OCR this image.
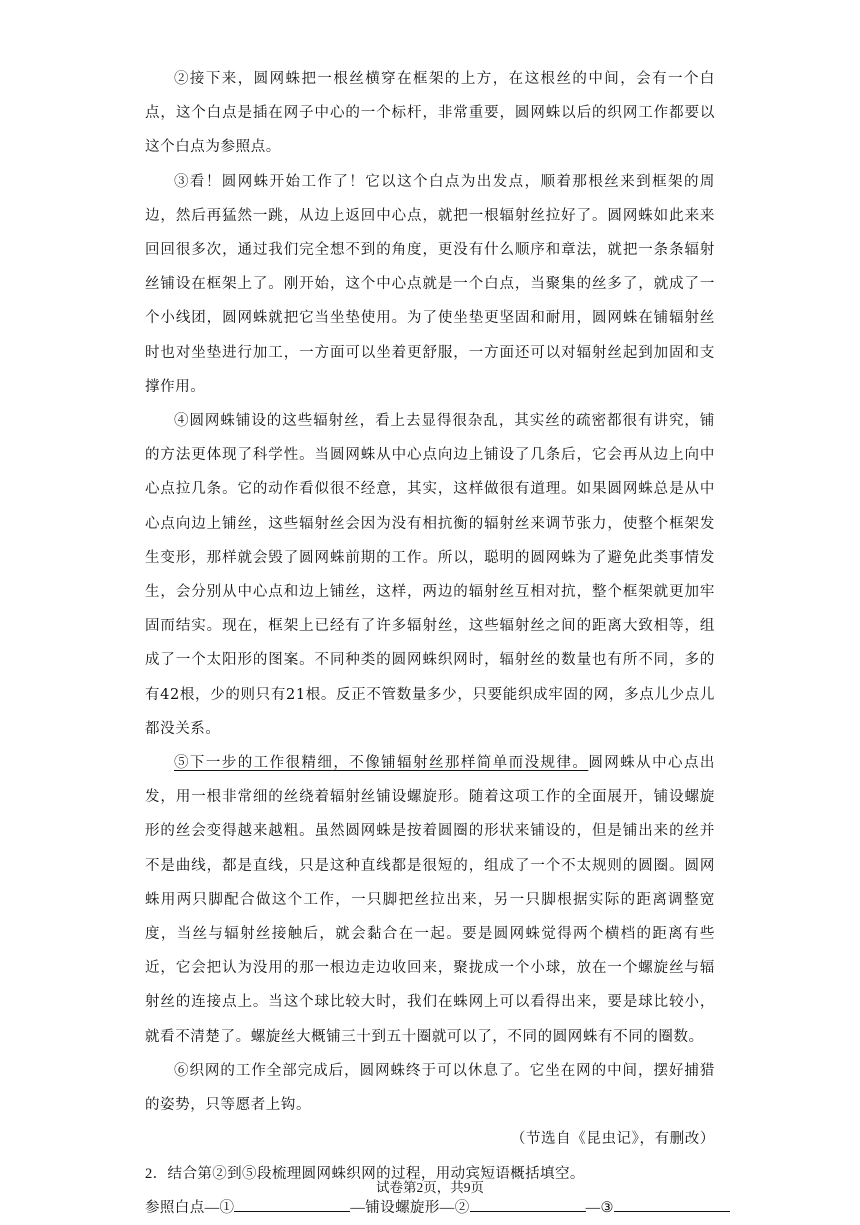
②接下来，圆网蛛把一根丝横穿在框架的上方，在这根丝的中间，会有一个白点，这个白点是插在网子中心的一个标杆，非常重要，圆网蛛以后的织网工作都要以这个白点为参照点。

③看！圆网蛛开始工作了！它以这个白点为出发点，顺着那根丝来到框架的周边，然后再猛然一跳，从边上返回中心点，就把一根辐射丝拉好了。圆网蛛如此来来回回很多次，通过我们完全想不到的角度，更没有什么顺序和章法，就把一条条辐射丝铺设在框架上了。刚开始，这个中心点就是一个白点，当聚集的丝多了，就成了一个小线团，圆网蛛就把它当坐垫使用。为了使坐垫更坚固和耐用，圆网蛛在铺辐射丝时也对坐垫进行加工，一方面可以坐着更舒服，一方面还可以对辐射丝起到加固和支撑作用。

④圆网蛛铺设的这些辐射丝，看上去显得很杂乱，其实丝的疏密都很有讲究，铺的方法更体现了科学性。当圆网蛛从中心点向边上铺设了几条后，它会再从边上向中心点拉几条。它的动作看似很不经意，其实，这样做很有道理。如果圆网蛛总是从中心点向边上铺丝，这些辐射丝会因为没有相抗衡的辐射丝来调节张力，使整个框架发生变形，那样就会毁了圆网蛛前期的工作。所以，聪明的圆网蛛为了避免此类事情发生，会分别从中心点和边上铺丝，这样，两边的辐射丝互相对抗，整个框架就更加牢固而结实。现在，框架上已经有了许多辐射丝，这些辐射丝之间的距离大致相等，组成了一个太阳形的图案。不同种类的圆网蛛织网时，辐射丝的数量也有所不同，多的有42根，少的则只有21根。反正不管数量多少，只要能织成牢固的网，多点儿少点儿都没关系。

⑤下一步的工作很精细，不像铺辐射丝那样简单而没规律。圆网蛛从中心点出发，用一根非常细的丝绕着辐射丝铺设螺旋形。随着这项工作的全面展开，铺设螺旋形的丝会变得越来越粗。虽然圆网蛛是按着圆圈的形状来铺设的，但是铺出来的丝并不是曲线，都是直线，只是这种直线都是很短的，组成了一个不太规则的圆圈。圆网蛛用两只脚配合做这个工作，一只脚把丝拉出来，另一只脚根据实际的距离调整宽度，当丝与辐射丝接触后，就会黏合在一起。要是圆网蛛觉得两个横档的距离有些近，它会把认为没用的那一根边走边收回来，聚拢成一个小球，放在一个螺旋丝与辐射丝的连接点上。当这个球比较大时，我们在蛛网上可以看得出来，要是球比较小，就看不清楚了。螺旋丝大概铺三十到五十圈就可以了，不同的圆网蛛有不同的圈数。

⑥织网的工作全部完成后，圆网蛛终于可以休息了。它坐在网的中间，摆好捕猎的姿势，只等愿者上钩。

（节选自《昆虫记》，有删改）

2．结合第②到⑤段梳理圆网蛛织网的过程，用动宾短语概括填空。

参照白点—①	—铺设螺旋形—②	—③

试卷第2页，共9页
